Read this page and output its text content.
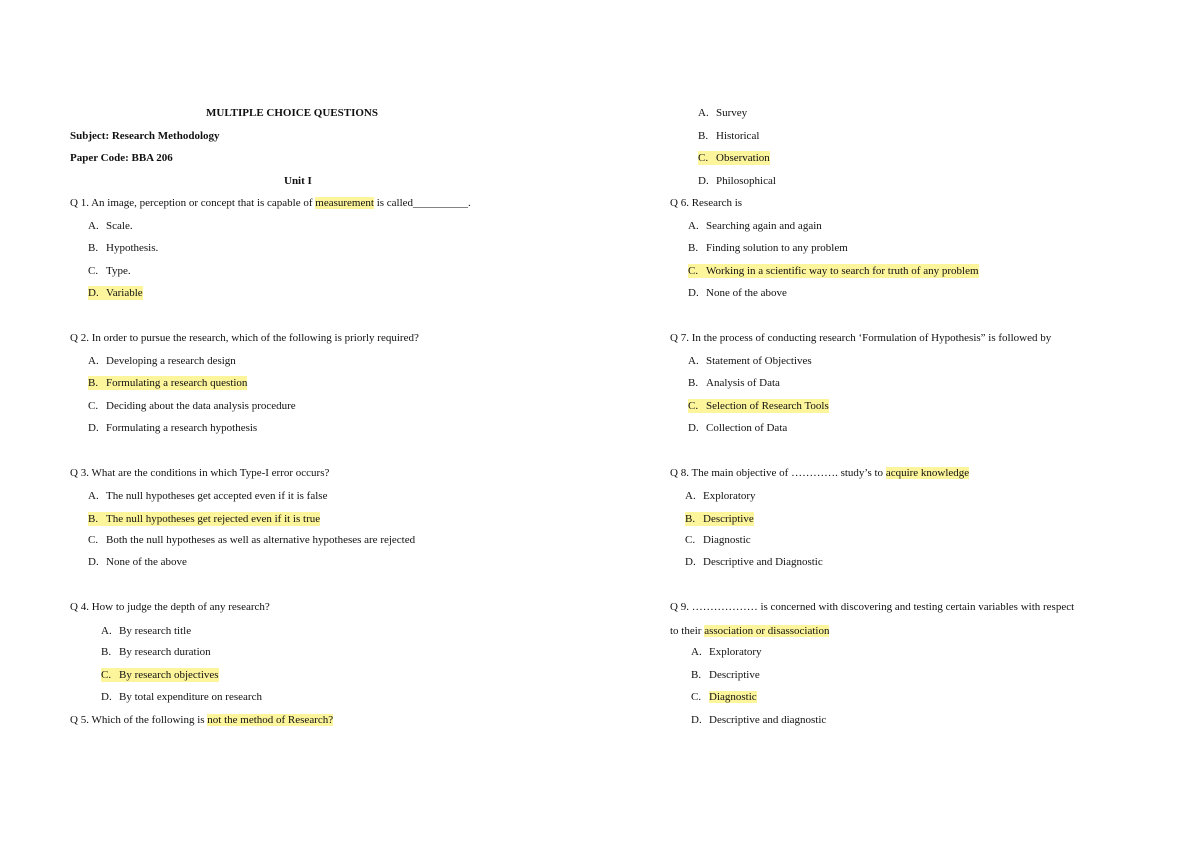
MULTIPLE CHOICE QUESTIONS
Subject: Research Methodology
Paper Code: BBA 206
Unit I
Q 1. An image, perception or concept that is capable of measurement is called__________.
A. Scale.
B. Hypothesis.
C. Type.
D. Variable
Q 2. In order to pursue the research, which of the following is priorly required?
A. Developing a research design
B. Formulating a research question
C. Deciding about the data analysis procedure
D. Formulating a research hypothesis
Q 3. What are the conditions in which Type-I error occurs?
A. The null hypotheses get accepted even if it is false
B. The null hypotheses get rejected even if it is true
C. Both the null hypotheses as well as alternative hypotheses are rejected
D. None of the above
Q 4. How to judge the depth of any research?
A. By research title
B. By research duration
C. By research objectives
D. By total expenditure on research
Q 5. Which of the following is not the method of Research?
A. Survey
B. Historical
C. Observation
D. Philosophical
Q 6. Research is
A. Searching again and again
B. Finding solution to any problem
C. Working in a scientific way to search for truth of any problem
D. None of the above
Q 7. In the process of conducting research ‘Formulation of Hypothesis” is followed by
A. Statement of Objectives
B. Analysis of Data
C. Selection of Research Tools
D. Collection of Data
Q 8. The main objective of …………. study’s to acquire knowledge
A. Exploratory
B. Descriptive
C. Diagnostic
D. Descriptive and Diagnostic
Q 9. ……………… is concerned with discovering and testing certain variables with respect
to their association or disassociation
A. Exploratory
B. Descriptive
C. Diagnostic
D. Descriptive and diagnostic
